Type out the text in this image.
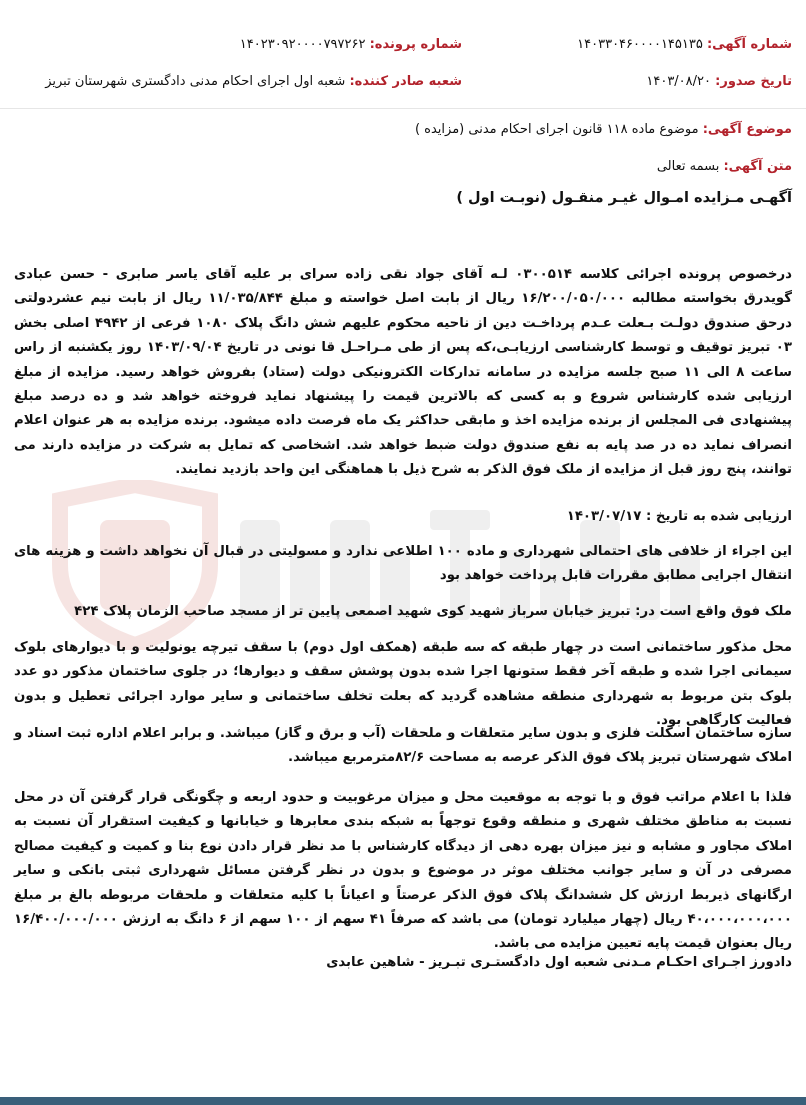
شماره آگهی: ۱۴۰۳۳۰۴۶۰۰۰۰۱۴۵۱۳۵
شماره پرونده: ۱۴۰۲۳۰۹۲۰۰۰۰۷۹۷۲۶۲
تاریخ صدور: ۱۴۰۳/۰۸/۲۰
شعبه صادر کننده: شعبه اول اجرای احکام مدنی دادگستری شهرستان تبریز
موضوع آگهی: موضوع ماده ۱۱۸ قانون اجرای احکام مدنی (مزایده )
متن آگهی: بسمه تعالی
آگهـی مـزایده امـوال غیـر منقـول (نوبـت اول )
درخصوص پرونده اجرائی کلاسه ۰۳۰۰۵۱۴ لـه آقای جواد نقی زاده سرای بر علیه آقای یاسر صابری - حسن عبادی گویدرق بخواسته مطالبه ۱۶/۲۰۰/۰۵۰/۰۰۰ ریال از بابت اصل خواسته و مبلغ ۱۱/۰۳۵/۸۴۴ ریال از بابت نیم عشردولتی درحق صندوق دولـت بـعلت عـدم پرداخـت دین از ناحیه محکوم علیهم شش دانگ پلاک ۱۰۸۰ فرعی از ۴۹۴۲ اصلی بخش ۰۳ تبریز توقیف و توسط کارشناسی ارزیابـی،که پس از طی مـراحـل قا نونی در تاریخ ۱۴۰۳/۰۹/۰۴ روز یکشنبه از راس ساعت ۸ الی ۱۱ صبح جلسه مزایده در سامانه تدارکات الکترونیکی دولت (ستاد) بفروش خواهد رسید. مزایده از مبلغ ارزیابی شده کارشناس شروع و به کسی که بالاترین قیمت را پیشنهاد نماید فروخته خواهد شد و ده درصد مبلغ پیشنهادی فی المجلس از برنده مزایده اخذ و مابقی حداکثر یک ماه فرصت داده میشود. برنده مزایده به هر عنوان اعلام انصراف نماید ده در صد پایه به نفع صندوق دولت ضبط خواهد شد. اشخاصی که تمایل به شرکت در مزایده دارند می توانند، پنج روز قبل از مزایده از ملک فوق الذکر به شرح ذیل با هماهنگی این واحد بازدید نمایند.
ارزیابی شده به تاریخ : ۱۴۰۳/۰۷/۱۷
این اجراء از خلافی های احتمالی شهرداری و ماده ۱۰۰ اطلاعی ندارد و مسولیتی در قبال آن نخواهد داشت و هزینه های انتقال اجرایی مطابق مقررات قابل پرداخت خواهد بود
ملک فوق واقع است در: تبریز خیابان سرباز شهید کوی شهید اصمعی پایین تر از مسجد صاحب الزمان پلاک ۴۲۴
محل مذکور ساختمانی است در چهار طبقه که سه طبقه (همکف اول دوم) با سقف تیرچه یونولیت و با دیوارهای بلوک سیمانی اجرا شده و طبقه آخر فقط ستونها اجرا شده بدون پوشش سقف و دیوارها؛ در جلوی ساختمان مذکور دو عدد بلوک بتن مربوط به شهرداری منطقه مشاهده گردید که بعلت تخلف ساختمانی و سایر موارد اجرائی تعطیل و بدون فعالیت کارگاهی بود.
سازه ساختمان اسکلت فلزی و بدون سایر متعلقات و ملحقات (آب و برق و گاز) میباشد. و برابر اعلام اداره ثبت اسناد و املاک شهرستان تبریز پلاک فوق الذکر عرصه به مساحت ۸۲/۶مترمربع میباشد.
فلذا با اعلام مراتب فوق و با توجه به موقعیت محل و میزان مرغوبیت و حدود اربعه و چگونگی قرار گرفتن آن در محل نسبت به مناطق مختلف شهری و منطقه وقوع توجهاً به شبکه بندی معابرها و خیابانها و کیفیت استقرار آن نسبت به املاک مجاور و مشابه و نیز میزان بهره دهی از دیدگاه کارشناس با مد نظر قرار دادن نوع بنا و کمیت و کیفیت مصالح مصرفی در آن و سایر جوانب مختلف موثر در موضوع و بدون در نظر گرفتن مسائل شهرداری ثبتی بانکی و سایر ارگانهای ذیربط ارزش کل ششدانگ پلاک فوق الذکر عرصتاً و اعیاناً با کلیه متعلقات و ملحقات مربوطه بالغ بر مبلغ ۴۰،۰۰۰،۰۰۰،۰۰۰ ریال (چهار میلیارد تومان) می باشد که صرفاً ۴۱ سهم از ۱۰۰ سهم از ۶ دانگ به ارزش ۱۶/۴۰۰/۰۰۰/۰۰۰ ریال بعنوان قیمت پایه تعیین مزایده می باشد.
دادورز اجـرای احکـام مـدنی شعبه اول دادگستـری تبـریز - شاهین عابدی
